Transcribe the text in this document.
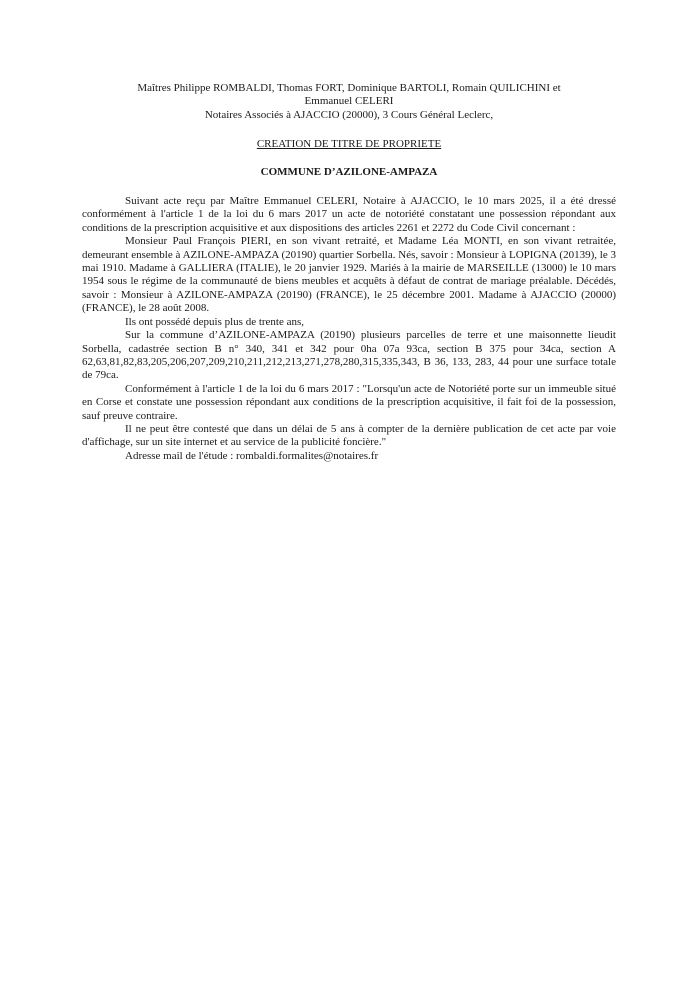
Maîtres Philippe ROMBALDI, Thomas FORT, Dominique BARTOLI, Romain QUILICHINI et
Emmanuel CELERI
Notaires Associés à AJACCIO (20000), 3 Cours Général Leclerc,
CREATION DE TITRE DE PROPRIETE
COMMUNE D’AZILONE-AMPAZA

Suivant acte reçu par Maître Emmanuel CELERI, Notaire à AJACCIO, le 10 mars 2025, il a été dressé conformément à l'article 1 de la loi du 6 mars 2017 un acte de notoriété constatant une possession répondant aux conditions de la prescription acquisitive et aux dispositions des articles 2261 et 2272 du Code Civil concernant :

Monsieur Paul François PIERI, en son vivant retraité, et Madame Léa MONTI, en son vivant retraitée, demeurant ensemble à AZILONE-AMPAZA (20190) quartier Sorbella. Nés, savoir : Monsieur à LOPIGNA (20139), le 3 mai 1910. Madame à GALLIERA (ITALIE), le 20 janvier 1929. Mariés à la mairie de MARSEILLE (13000) le 10 mars 1954 sous le régime de la communauté de biens meubles et acquêts à défaut de contrat de mariage préalable. Décédés, savoir : Monsieur à AZILONE-AMPAZA (20190) (FRANCE), le 25 décembre 2001. Madame à AJACCIO (20000) (FRANCE), le 28 août 2008.

Ils ont possédé depuis plus de trente ans,

Sur la commune d’AZILONE-AMPAZA (20190) plusieurs parcelles de terre et une maisonnette lieudit Sorbella, cadastrée section B n° 340, 341 et 342 pour 0ha 07a 93ca, section B 375 pour 34ca, section A 62,63,81,82,83,205,206,207,209,210,211,212,213,271,278,280,315,335,343, B 36, 133, 283, 44 pour une surface totale de 79ca.

Conformément à l'article 1 de la loi du 6 mars 2017 : "Lorsqu'un acte de Notoriété porte sur un immeuble situé en Corse et constate une possession répondant aux conditions de la prescription acquisitive, il fait foi de la possession, sauf preuve contraire.

Il ne peut être contesté que dans un délai de 5 ans à compter de la dernière publication de cet acte par voie d'affichage, sur un site internet et au service de la publicité foncière."

Adresse mail de l'étude : rombaldi.formalites@notaires.fr
